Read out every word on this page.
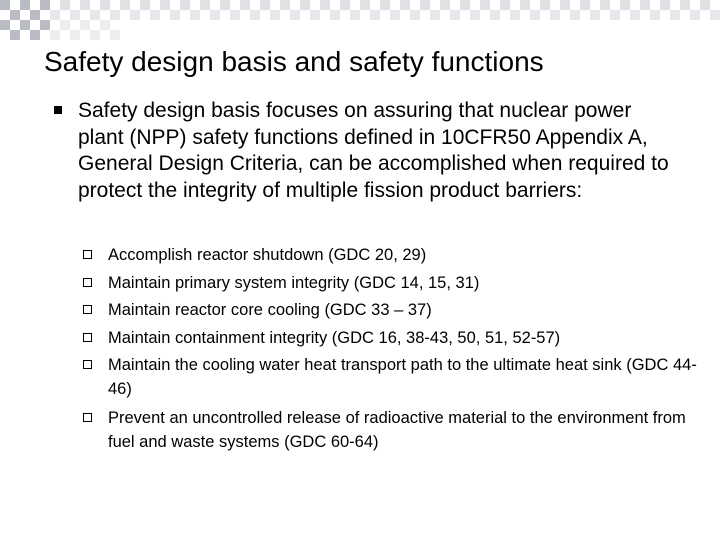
Safety design basis and safety functions
Safety design basis focuses on assuring that nuclear power plant (NPP) safety functions defined in 10CFR50 Appendix A, General Design Criteria, can be accomplished when required to protect the integrity of multiple fission product barriers:
Accomplish reactor shutdown (GDC 20, 29)
Maintain primary system integrity (GDC 14, 15, 31)
Maintain reactor core cooling (GDC 33 – 37)
Maintain containment integrity (GDC 16, 38-43, 50, 51, 52-57)
Maintain the cooling water heat transport path to the ultimate heat sink (GDC 44-46)
Prevent an uncontrolled release of radioactive material to the environment from fuel and waste systems (GDC 60-64)
